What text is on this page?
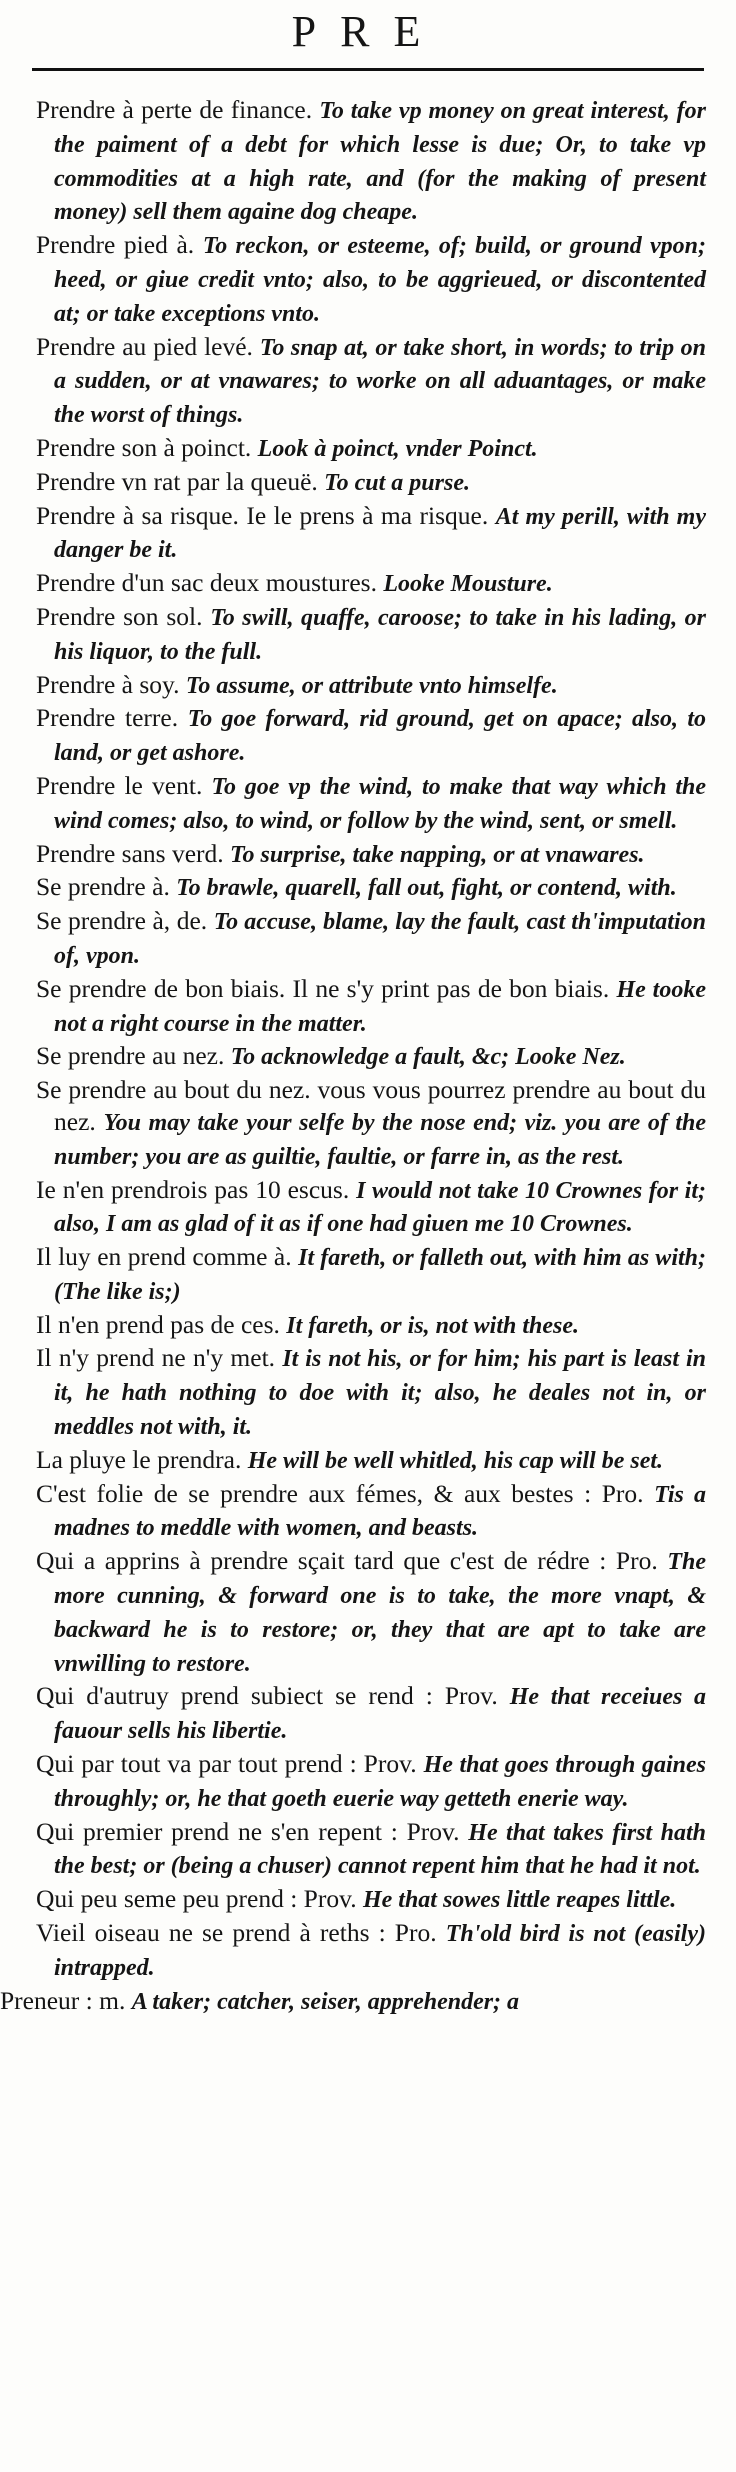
PRE

Prendre à perte de finance. To take vp money on great interest, for the paiment of a debt for which lesse is due; Or, to take vp commodities at a high rate, and (for the making of present money) sell them againe dog cheape.

Prendre pied à. To reckon, or esteeme, of; build, or ground vpon; heed, or giue credit vnto; also, to be aggrieued, or discontented at; or take exceptions vnto.

Prendre au pied levé. To snap at, or take short, in words; to trip on a sudden, or at vnawares; to worke on all aduantages, or make the worst of things.

Prendre son à poinct. Look à poinct, vnder Poinct.

Prendre vn rat par la queuë. To cut a purse.

Prendre à sa risque. Ie le prens à ma risque. At my perill, with my danger be it.

Prendre d'un sac deux moustures. Looke Mousture.

Prendre son sol. To swill, quaffe, caroose; to take in his lading, or his liquor, to the full.

Prendre à soy. To assume, or attribute vnto himselfe.

Prendre terre. To goe forward, rid ground, get on apace; also, to land, or get ashore.

Prendre le vent. To goe vp the wind, to make that way which the wind comes; also, to wind, or follow by the wind, sent, or smell.

Prendre sans verd. To surprise, take napping, or at vnawares.

Se prendre à. To brawle, quarell, fall out, fight, or contend, with.

Se prendre à, de. To accuse, blame, lay the fault, cast th'imputation of, vpon.

Se prendre de bon biais. Il ne s'y print pas de bon biais. He tooke not a right course in the matter.

Se prendre au nez. To acknowledge a fault, &c; Looke Nez.

Se prendre au bout du nez. vous vous pourrez prendre au bout du nez. You may take your selfe by the nose end; viz. you are of the number; you are as guiltie, faultie, or farre in, as the rest.

Ie n'en prendrois pas 10 escus. I would not take 10 Crownes for it; also, I am as glad of it as if one had giuen me 10 Crownes.

Il luy en prend comme à. It fareth, or falleth out, with him as with; (The like is;)

Il n'en prend pas de ces. It fareth, or is, not with these.

Il n'y prend ne n'y met. It is not his, or for him; his part is least in it, he hath nothing to doe with it; also, he deales not in, or meddles not with, it.

La pluye le prendra. He will be well whitled, his cap will be set.

C'est folie de se prendre aux fémes, & aux bestes : Pro. Tis a madnes to meddle with women, and beasts.

Qui a apprins à prendre sçait tard que c'est de rédre : Pro. The more cunning, & forward one is to take, the more vnapt, & backward he is to restore; or, they that are apt to take are vnwilling to restore.

Qui d'autruy prend subiect se rend : Prov. He that receiues a fauour sells his libertie.

Qui par tout va par tout prend : Prov. He that goes through gaines throughly; or, he that goeth euerie way getteth enerie way.

Qui premier prend ne s'en repent : Prov. He that takes first hath the best; or (being a chuser) cannot repent him that he had it not.

Qui peu seme peu prend : Prov. He that sowes little reapes little.

Vieil oiseau ne se prend à reths : Pro. Th'old bird is not (easily) intrapped.

Preneur : m. A taker; catcher, seiser, apprehender; a
